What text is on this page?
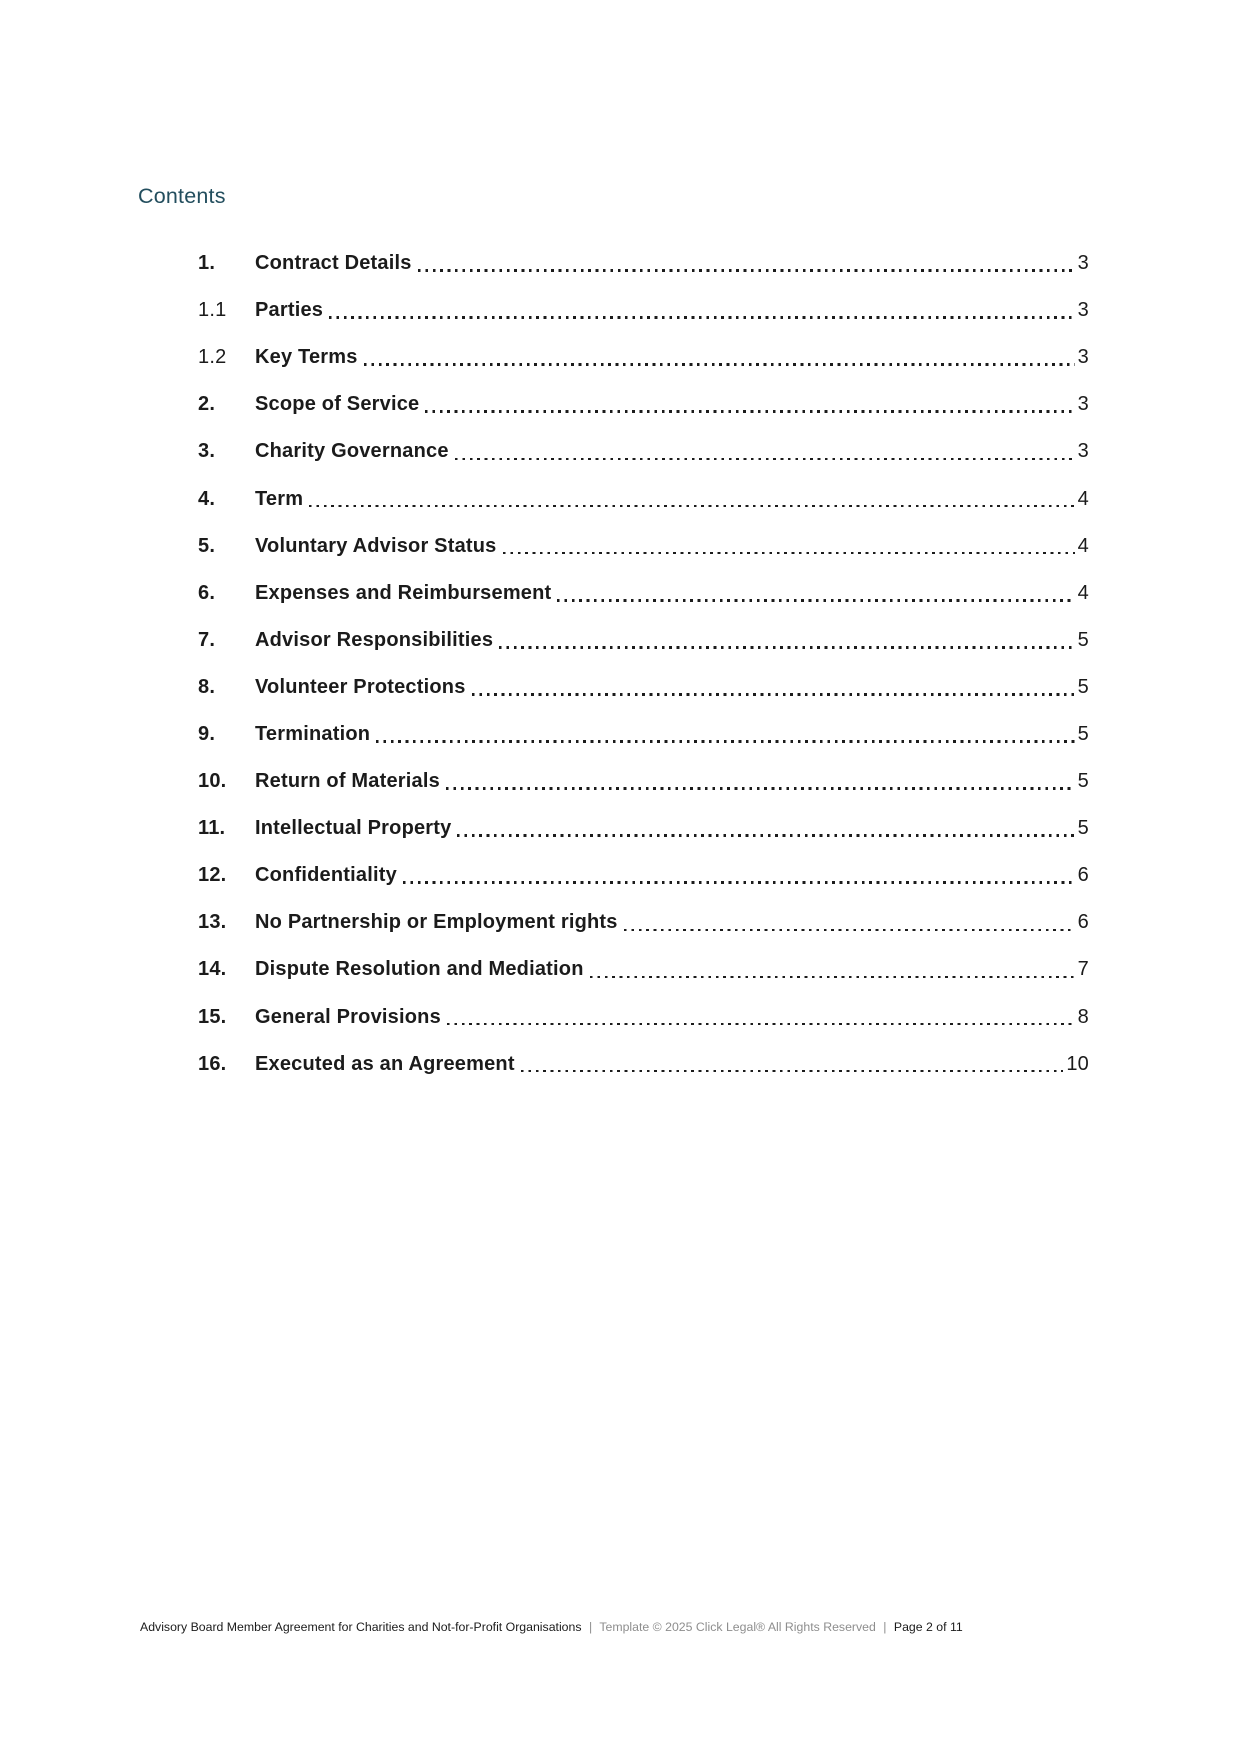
Contents
1.	Contract Details	3
1.1	Parties	3
1.2	Key Terms	3
2.	Scope of Service	3
3.	Charity Governance	3
4.	Term	4
5.	Voluntary Advisor Status	4
6.	Expenses and Reimbursement	4
7.	Advisor Responsibilities	5
8.	Volunteer Protections	5
9.	Termination	5
10.	Return of Materials	5
11.	Intellectual Property	5
12.	Confidentiality	6
13.	No Partnership or Employment rights	6
14.	Dispute Resolution and Mediation	7
15.	General Provisions	8
16.	Executed as an Agreement	10
Advisory Board Member Agreement for Charities and Not-for-Profit Organisations | Template © 2025 Click Legal® All Rights Reserved | Page 2 of 11
